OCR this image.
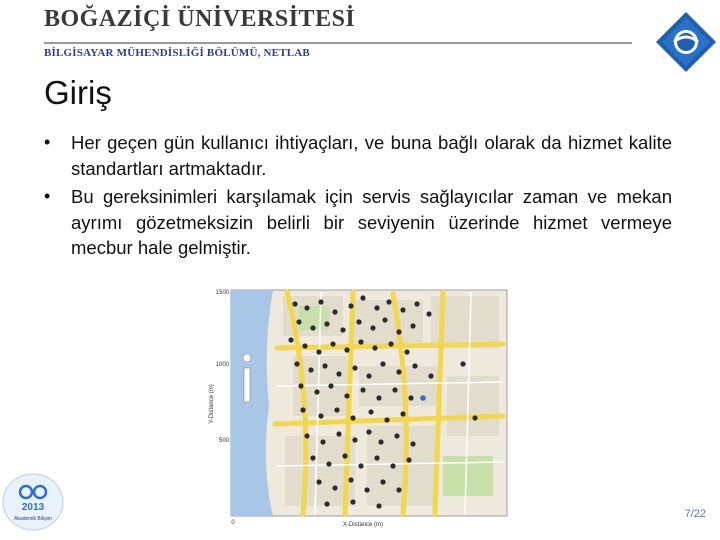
BOĞAZİÇİ ÜNİVERSİTESİ
BİLGİSAYAR MÜHENDİSLİĞİ BÖLÜMÜ, NETLAB
Giriş
• Her geçen gün kullanıcı ihtiyaçları, ve buna bağlı olarak da hizmet kalite standartları artmaktadır.
• Bu gereksinimleri karşılamak için servis sağlayıcılar zaman ve mekan ayrımı gözetmeksizin belirli bir seviyenin üzerinde hizmet vermeye mecbur hale gelmiştir.
1500
1000
500
0	X-Distance (m)
Y-Distance (m)
2013
Akademik Bilişim	7/22
